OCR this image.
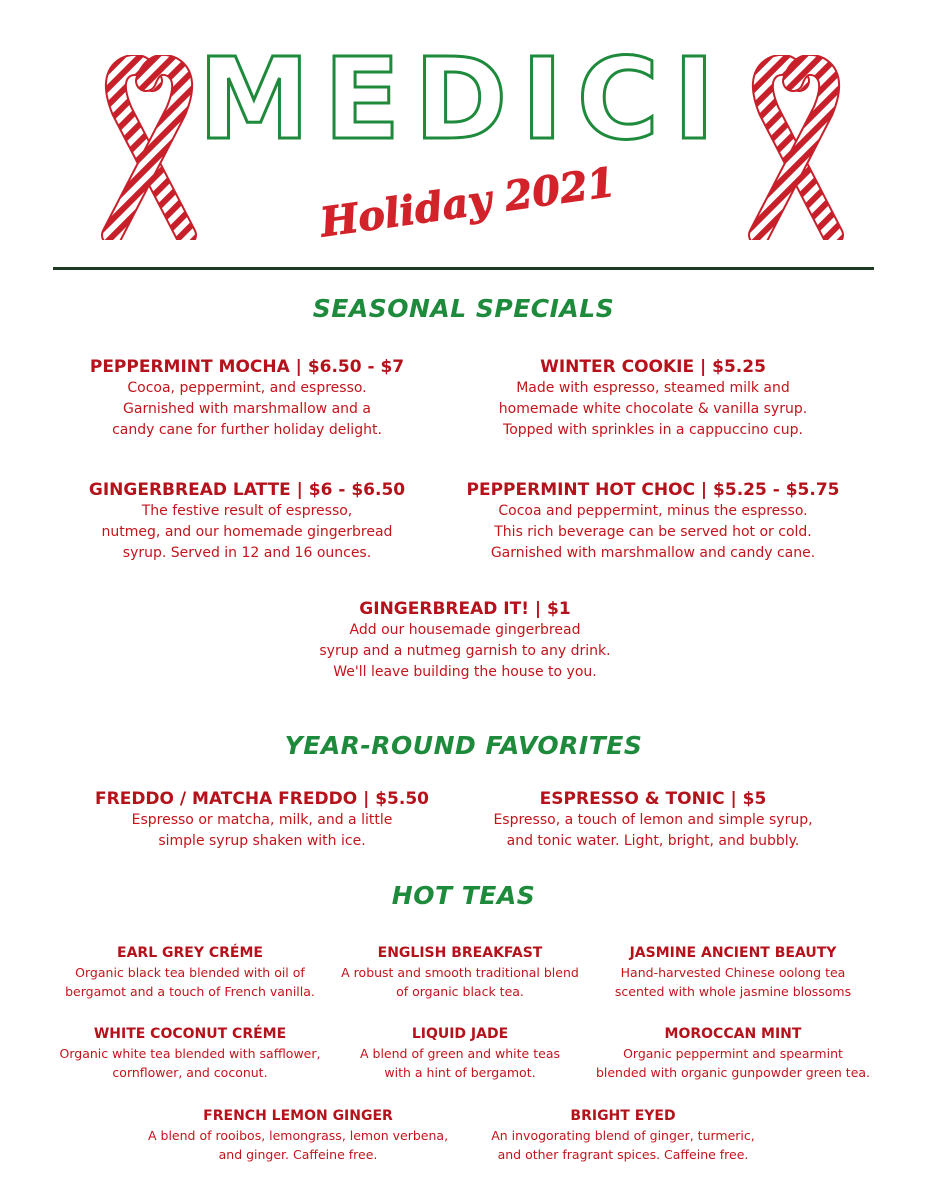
MEDICI
Holiday 2021
SEASONAL SPECIALS
PEPPERMINT MOCHA | $6.50 - $7
Cocoa, peppermint, and espresso.
Garnished with marshmallow and a
candy cane for further holiday delight.
WINTER COOKIE | $5.25
Made with espresso, steamed milk and
homemade white chocolate & vanilla syrup.
Topped with sprinkles in a cappuccino cup.
GINGERBREAD LATTE | $6 - $6.50
The festive result of espresso,
nutmeg, and our homemade gingerbread
syrup. Served in 12 and 16 ounces.
PEPPERMINT HOT CHOC | $5.25 - $5.75
Cocoa and peppermint, minus the espresso.
This rich beverage can be served hot or cold.
Garnished with marshmallow and candy cane.
GINGERBREAD IT! | $1
Add our housemade gingerbread
syrup and a nutmeg garnish to any drink.
We'll leave building the house to you.
YEAR-ROUND FAVORITES
FREDDO / MATCHA FREDDO | $5.50
Espresso or matcha, milk, and a little
simple syrup shaken with ice.
ESPRESSO & TONIC | $5
Espresso, a touch of lemon and simple syrup,
and tonic water. Light, bright, and bubbly.
HOT TEAS
EARL GREY CRÉME
Organic black tea blended with oil of
bergamot and a touch of French vanilla.
ENGLISH BREAKFAST
A robust and smooth traditional blend
of organic black tea.
JASMINE ANCIENT BEAUTY
Hand-harvested Chinese oolong tea
scented with whole jasmine blossoms
WHITE COCONUT CRÉME
Organic white tea blended with safflower,
cornflower, and coconut.
LIQUID JADE
A blend of green and white teas
with a hint of bergamot.
MOROCCAN MINT
Organic peppermint and spearmint
blended with organic gunpowder green tea.
FRENCH LEMON GINGER
A blend of rooibos, lemongrass, lemon verbena,
and ginger. Caffeine free.
BRIGHT EYED
An invogorating blend of ginger, turmeric,
and other fragrant spices. Caffeine free.
